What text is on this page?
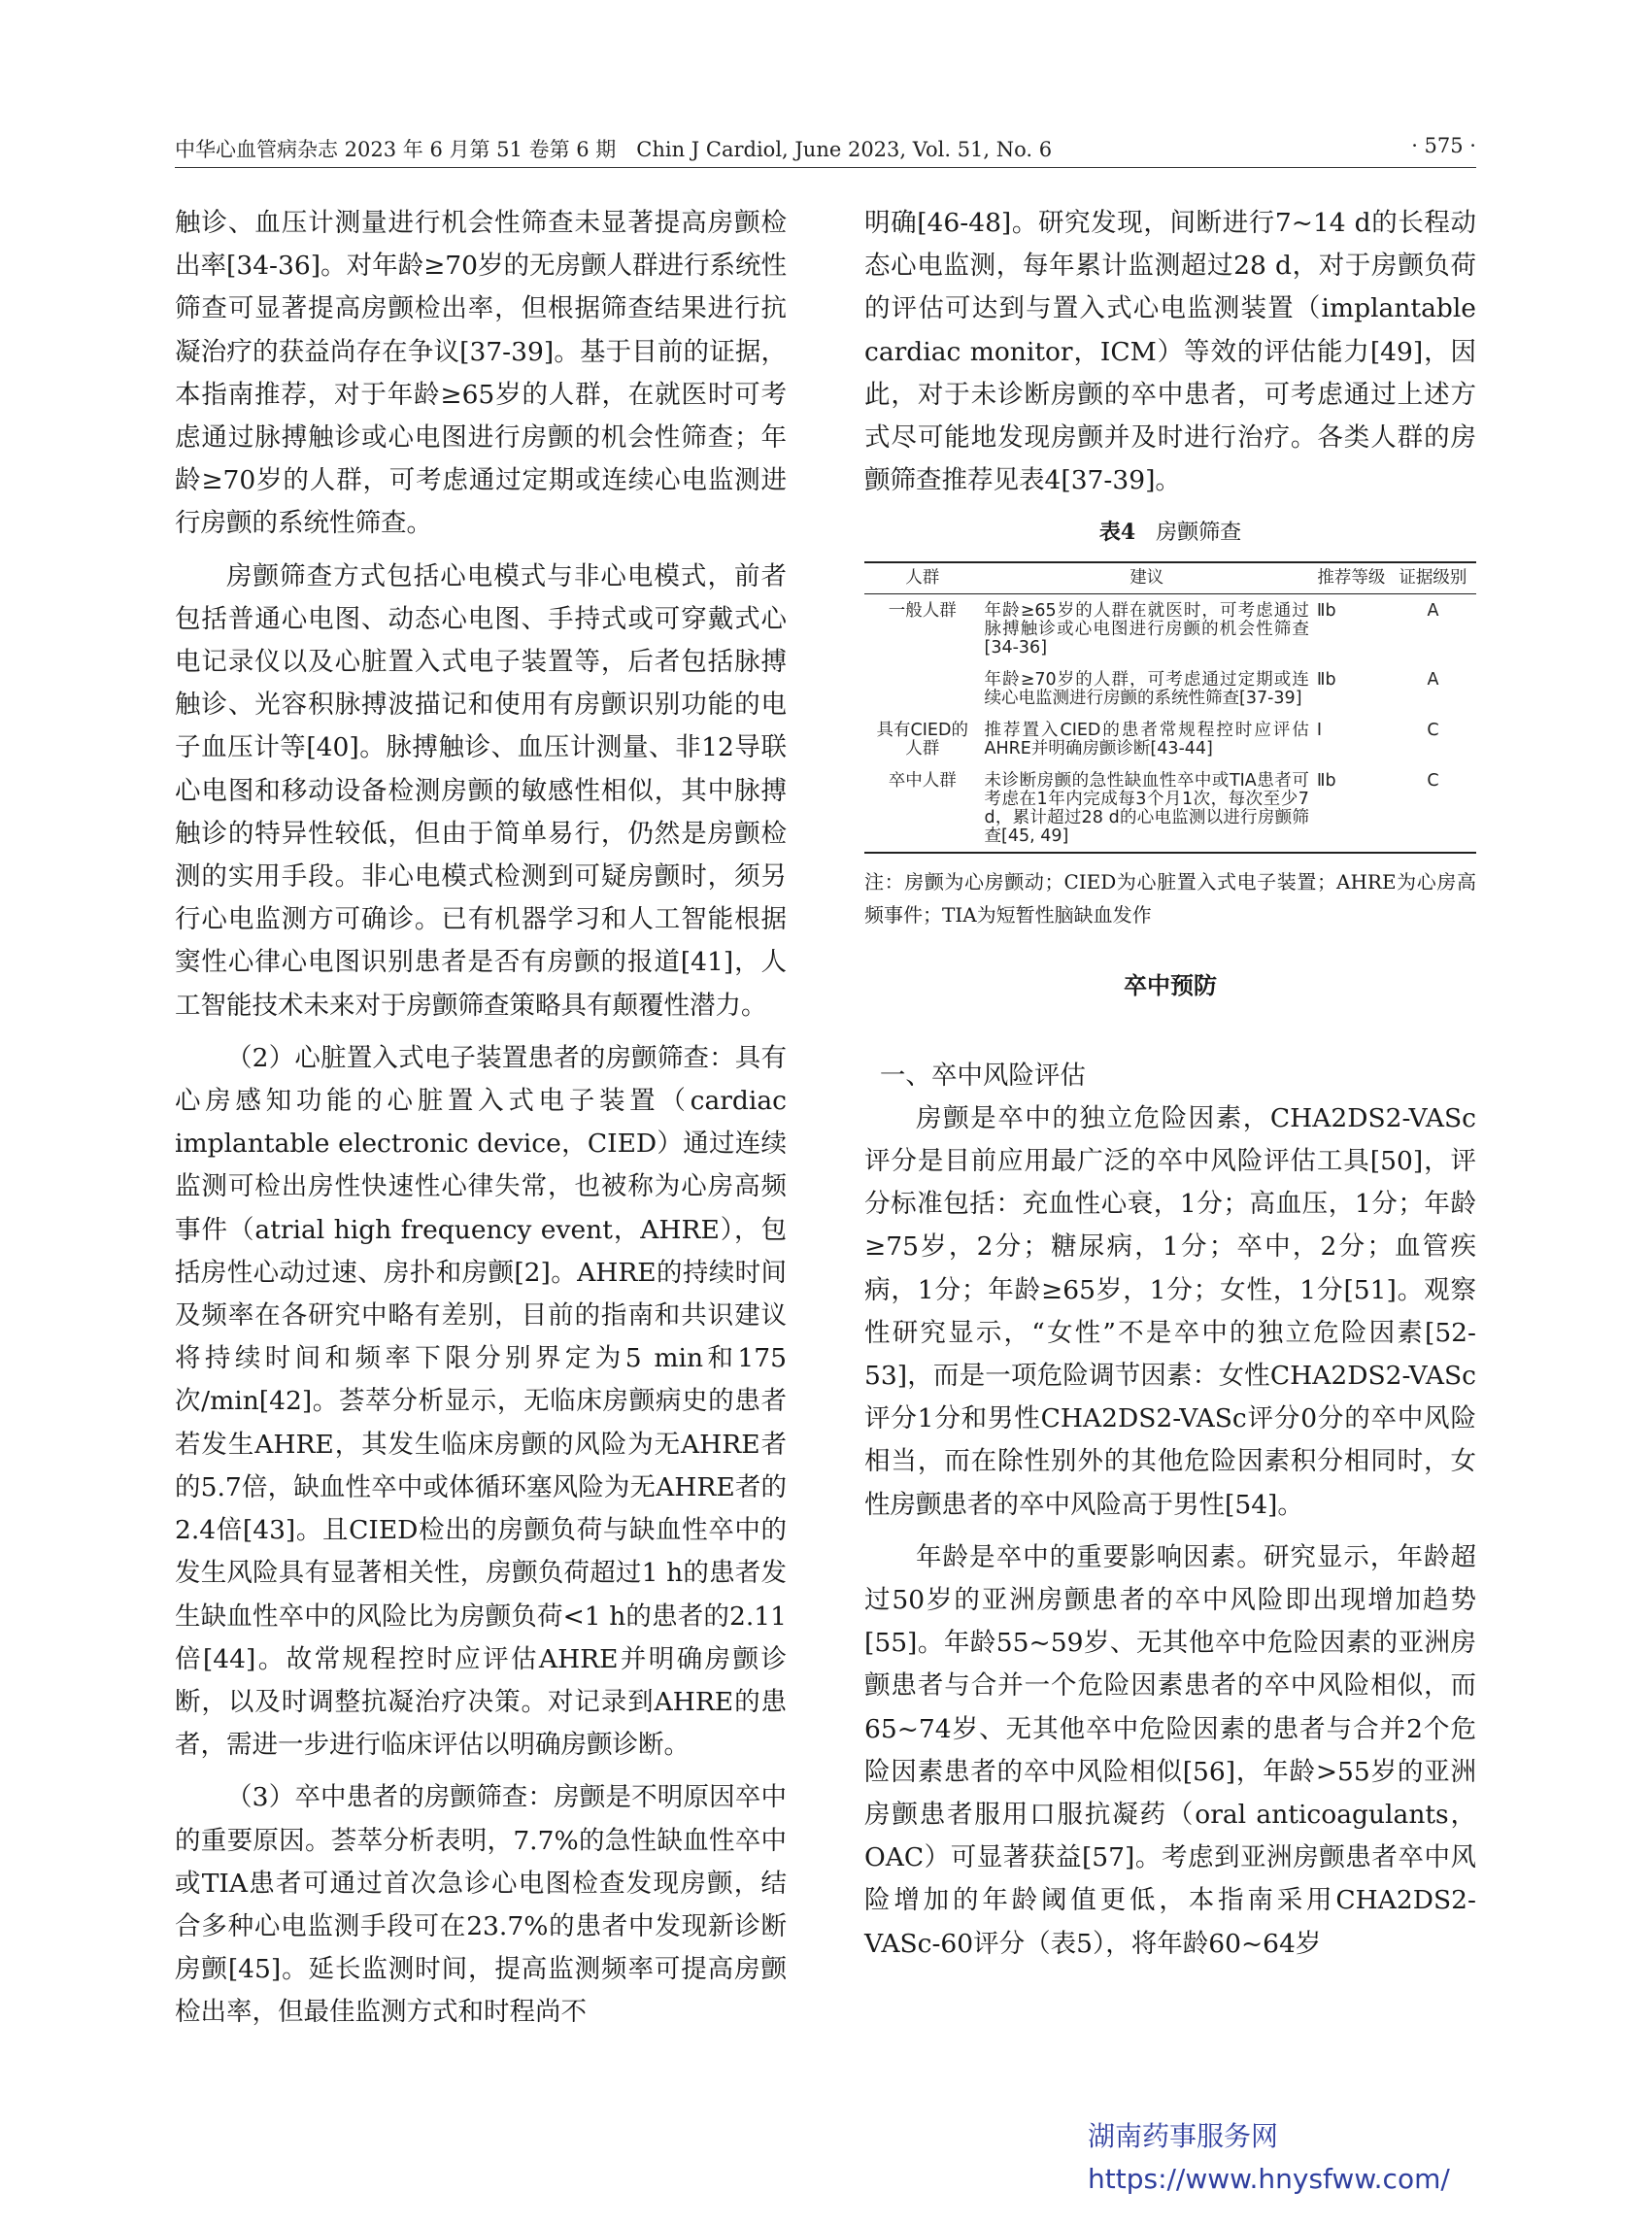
中华心血管病杂志 2023 年 6 月第 51 卷第 6 期　Chin J Cardiol, June 2023, Vol. 51, No. 6	· 575 ·

触诊、血压计测量进行机会性筛查未显著提高房颤检出率[34-36]。对年龄≥70岁的无房颤人群进行系统性筛查可显著提高房颤检出率，但根据筛查结果进行抗凝治疗的获益尚存在争议[37-39]。基于目前的证据，本指南推荐，对于年龄≥65岁的人群，在就医时可考虑通过脉搏触诊或心电图进行房颤的机会性筛查；年龄≥70岁的人群，可考虑通过定期或连续心电监测进行房颤的系统性筛查。

房颤筛查方式包括心电模式与非心电模式，前者包括普通心电图、动态心电图、手持式或可穿戴式心电记录仪以及心脏置入式电子装置等，后者包括脉搏触诊、光容积脉搏波描记和使用有房颤识别功能的电子血压计等[40]。脉搏触诊、血压计测量、非12导联心电图和移动设备检测房颤的敏感性相似，其中脉搏触诊的特异性较低，但由于简单易行，仍然是房颤检测的实用手段。非心电模式检测到可疑房颤时，须另行心电监测方可确诊。已有机器学习和人工智能根据窦性心律心电图识别患者是否有房颤的报道[41]，人工智能技术未来对于房颤筛查策略具有颠覆性潜力。

（2）心脏置入式电子装置患者的房颤筛查：具有心房感知功能的心脏置入式电子装置（cardiac implantable electronic device，CIED）通过连续监测可检出房性快速性心律失常，也被称为心房高频事件（atrial high frequency event，AHRE），包括房性心动过速、房扑和房颤[2]。AHRE的持续时间及频率在各研究中略有差别，目前的指南和共识建议将持续时间和频率下限分别界定为5 min和175次/min[42]。荟萃分析显示，无临床房颤病史的患者若发生AHRE，其发生临床房颤的风险为无AHRE者的5.7倍，缺血性卒中或体循环塞风险为无AHRE者的2.4倍[43]。且CIED检出的房颤负荷与缺血性卒中的发生风险具有显著相关性，房颤负荷超过1 h的患者发生缺血性卒中的风险比为房颤负荷<1 h的患者的2.11倍[44]。故常规程控时应评估AHRE并明确房颤诊断，以及时调整抗凝治疗决策。对记录到AHRE的患者，需进一步进行临床评估以明确房颤诊断。

（3）卒中患者的房颤筛查：房颤是不明原因卒中的重要原因。荟萃分析表明，7.7%的急性缺血性卒中或TIA患者可通过首次急诊心电图检查发现房颤，结合多种心电监测手段可在23.7%的患者中发现新诊断房颤[45]。延长监测时间，提高监测频率可提高房颤检出率，但最佳监测方式和时程尚不

明确[46-48]。研究发现，间断进行7~14 d的长程动态心电监测，每年累计监测超过28 d，对于房颤负荷的评估可达到与置入式心电监测装置（implantable cardiac monitor，ICM）等效的评估能力[49]，因此，对于未诊断房颤的卒中患者，可考虑通过上述方式尽可能地发现房颤并及时进行治疗。各类人群的房颤筛查推荐见表4[37-39]。

表4 房颤筛查
人群	建议	推荐等级	证据级别
一般人群	年龄≥65岁的人群在就医时，可考虑通过脉搏触诊或心电图进行房颤的机会性筛查[34-36]	Ⅱb	A
	年龄≥70岁的人群，可考虑通过定期或连续心电监测进行房颤的系统性筛查[37-39]	Ⅱb	A
具有CIED的人群	推荐置入CIED的患者常规程控时应评估AHRE并明确房颤诊断[43-44]	Ⅰ	C
卒中人群	未诊断房颤的急性缺血性卒中或TIA患者可考虑在1年内完成每3个月1次，每次至少7 d，累计超过28 d的心电监测以进行房颤筛查[45, 49]	Ⅱb	C
注：房颤为心房颤动；CIED为心脏置入式电子装置；AHRE为心房高频事件；TIA为短暂性脑缺血发作
卒中预防

一、卒中风险评估

房颤是卒中的独立危险因素，CHA2DS2-VASc评分是目前应用最广泛的卒中风险评估工具[50]，评分标准包括：充血性心衰，1分；高血压，1分；年龄≥75岁，2分；糖尿病，1分；卒中，2分；血管疾病，1分；年龄≥65岁，1分；女性，1分[51]。观察性研究显示，“女性”不是卒中的独立危险因素[52-53]，而是一项危险调节因素：女性CHA2DS2-VASc评分1分和男性CHA2DS2-VASc评分0分的卒中风险相当，而在除性别外的其他危险因素积分相同时，女性房颤患者的卒中风险高于男性[54]。

年龄是卒中的重要影响因素。研究显示，年龄超过50岁的亚洲房颤患者的卒中风险即出现增加趋势[55]。年龄55~59岁、无其他卒中危险因素的亚洲房颤患者与合并一个危险因素患者的卒中风险相似，而65~74岁、无其他卒中危险因素的患者与合并2个危险因素患者的卒中风险相似[56]，年龄>55岁的亚洲房颤患者服用口服抗凝药（oral anticoagulants，OAC）可显著获益[57]。考虑到亚洲房颤患者卒中风险增加的年龄阈值更低，本指南采用CHA2DS2-VASc-60评分（表5），将年龄60~64岁

湖南药事服务网
https://www.hnysfww.com/
